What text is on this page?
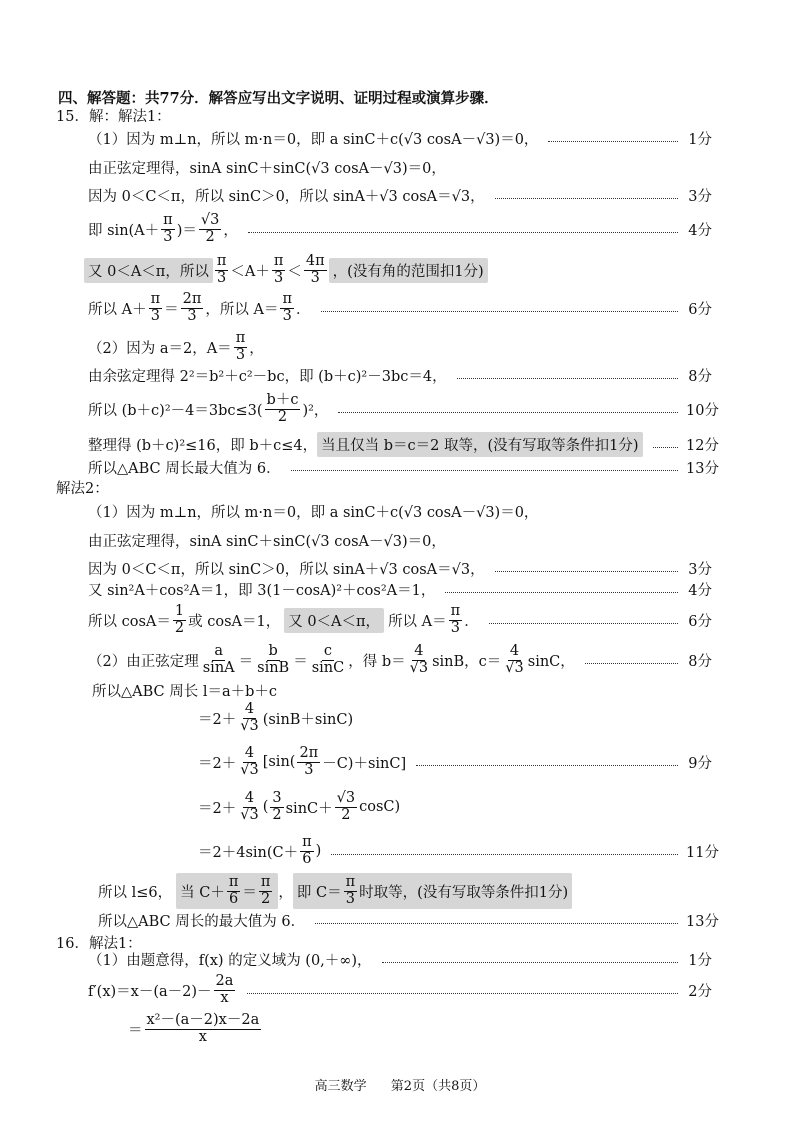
四、解答题：共77分．解答应写出文字说明、证明过程或演算步骤．
15．解：解法1：
（1）因为 m⊥n，所以 m·n＝0，即 a sinC＋c(√3 cosA－√3)＝0，	1分
由正弦定理得，sinA sinC＋sinC(√3 cosA－√3)＝0，
因为 0＜C＜π，所以 sinC＞0，所以 sinA＋√3 cosA＝√3，	3分
即 $\sin(A+ \frac{\pi}{3}$ )＝ $\frac{√3}{2}$ ，	4分
又 0＜A＜π，所以 $\frac{\pi}{3} <A+ \frac{\pi}{3} < \frac{4\pi}{3}$ ，(没有角的范围扣1分)
所以 $A+ \frac{\pi}{3} = \frac{2\pi}{3}$ ，所以 $A= \frac{\pi}{3}$ ．	6分
（2）因为 a＝2，$A= \frac{\pi}{3}$ ，
由余弦定理得 2²＝b²＋c²－bc，即 (b＋c)²－3bc＝4，	8分
所以 $(b+c)^2-4=3bc\le 3( \frac{b+c}{2} )^2$，	10分
整理得 (b＋c)²≤16，即 b＋c≤4， 当且仅当 b＝c＝2 取等，(没有写取等条件扣1分)	12分
所以△ABC 周长最大值为 6．	13分
解法2：
（1）因为 m⊥n，所以 m·n＝0，即 a sinC＋c(√3 cosA－√3)＝0，
由正弦定理得，sinA sinC＋sinC(√3 cosA－√3)＝0，
因为 0＜C＜π，所以 sinC＞0，所以 sinA＋√3 cosA＝√3，	3分
又 sin²A＋cos²A＝1，即 3(1－cosA)²＋cos²A＝1，	4分
所以 $\cos A= \frac{1}{2}$ 或 cosA＝1， 又 0＜A＜π， 所以 $A= \frac{\pi}{3}$ ．	6分
（2）由正弦定理 $\frac{a}{\sin A} = \frac{b}{\sin B} = \frac{c}{\sin C}$ ，得 $b= \frac{4}{√3}$ sinB，$c= \frac{4}{√3}$ sinC，	8分
所以△ABC 周长 l＝a＋b＋c
$=2+ \frac{4}{√3} (\sin B+\sin C)$
$=2+ \frac{4}{√3} [\sin( \frac{2\pi}{3} -C)+\sin C]$	9分
$=2+ \frac{4}{√3}$ ( $\frac{3}{2} \sin C+ \frac{√3}{2} \cos C$)
$=2+4\sin(C+ \frac{\pi}{6}$ )	11分
所以 l≤6， 当 $C+ \frac{\pi}{6} = \frac{\pi}{2}$ ， 即 $C= \frac{\pi}{3}$ 时取等，(没有写取等条件扣1分)
所以△ABC 周长的最大值为 6．	13分
16．解法1：
（1）由题意得，f(x) 的定义域为 (0,＋∞)，	1分
$f'(x)=x-(a-2)- \frac{2a}{x}$	2分
＝ $\frac{\text{x²－(a－2)x－2a}}{x}$
高三数学 第2页（共8页）
